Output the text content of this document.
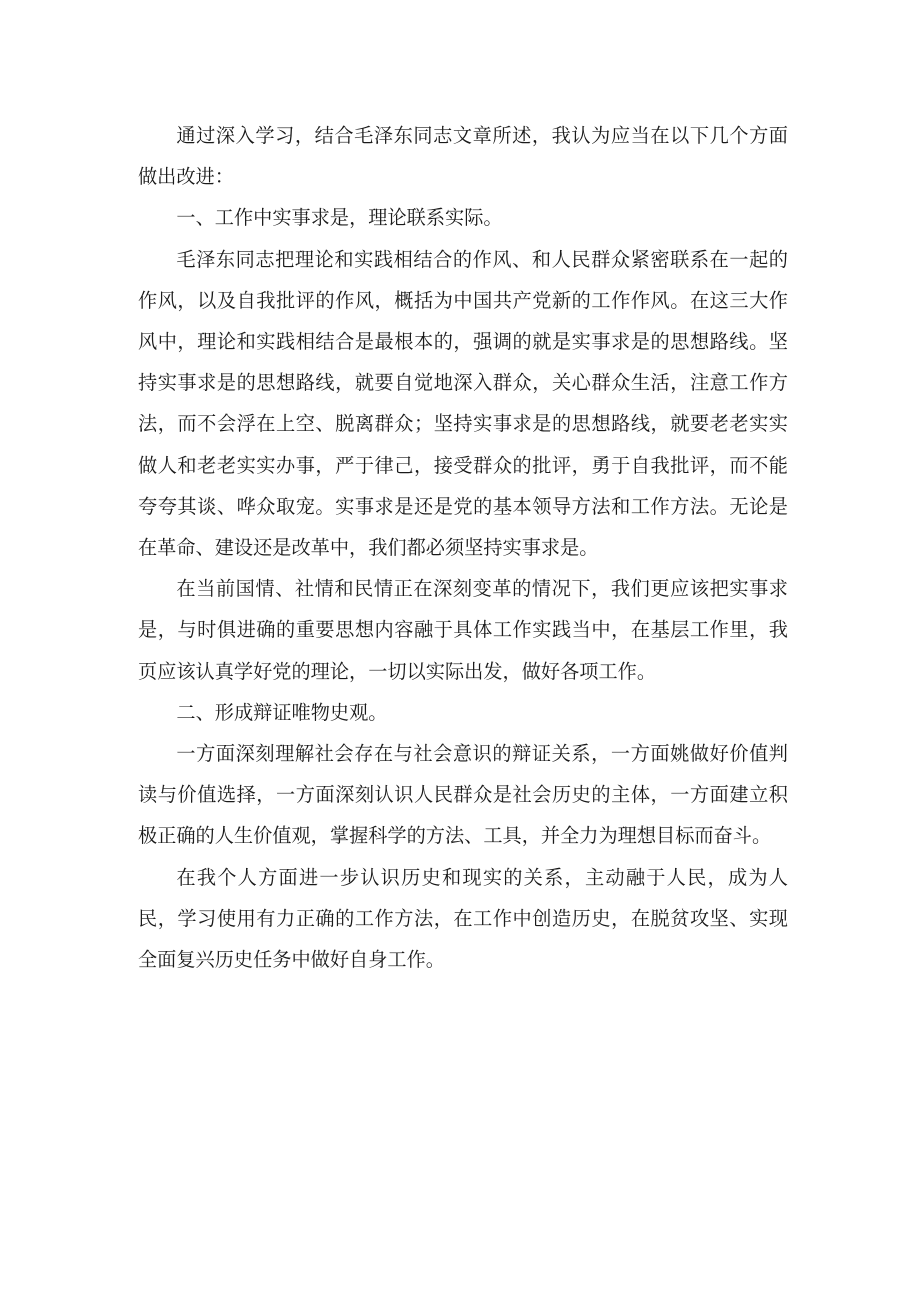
通过深入学习，结合毛泽东同志文章所述，我认为应当在以下几个方面做出改进：

一、工作中实事求是，理论联系实际。

毛泽东同志把理论和实践相结合的作风、和人民群众紧密联系在一起的作风，以及自我批评的作风，概括为中国共产党新的工作作风。在这三大作风中，理论和实践相结合是最根本的，强调的就是实事求是的思想路线。坚持实事求是的思想路线，就要自觉地深入群众，关心群众生活，注意工作方法，而不会浮在上空、脱离群众；坚持实事求是的思想路线，就要老老实实做人和老老实实办事，严于律己，接受群众的批评，勇于自我批评，而不能夸夸其谈、哗众取宠。实事求是还是党的基本领导方法和工作方法。无论是在革命、建设还是改革中，我们都必须坚持实事求是。

在当前国情、社情和民情正在深刻变革的情况下，我们更应该把实事求是，与时俱进确的重要思想内容融于具体工作实践当中，在基层工作里，我页应该认真学好党的理论，一切以实际出发，做好各项工作。

二、形成辩证唯物史观。

一方面深刻理解社会存在与社会意识的辩证关系，一方面姚做好价值判读与价值选择，一方面深刻认识人民群众是社会历史的主体，一方面建立积极正确的人生价值观，掌握科学的方法、工具，并全力为理想目标而奋斗。

在我个人方面进一步认识历史和现实的关系，主动融于人民，成为人民，学习使用有力正确的工作方法，在工作中创造历史，在脱贫攻坚、实现全面复兴历史任务中做好自身工作。
